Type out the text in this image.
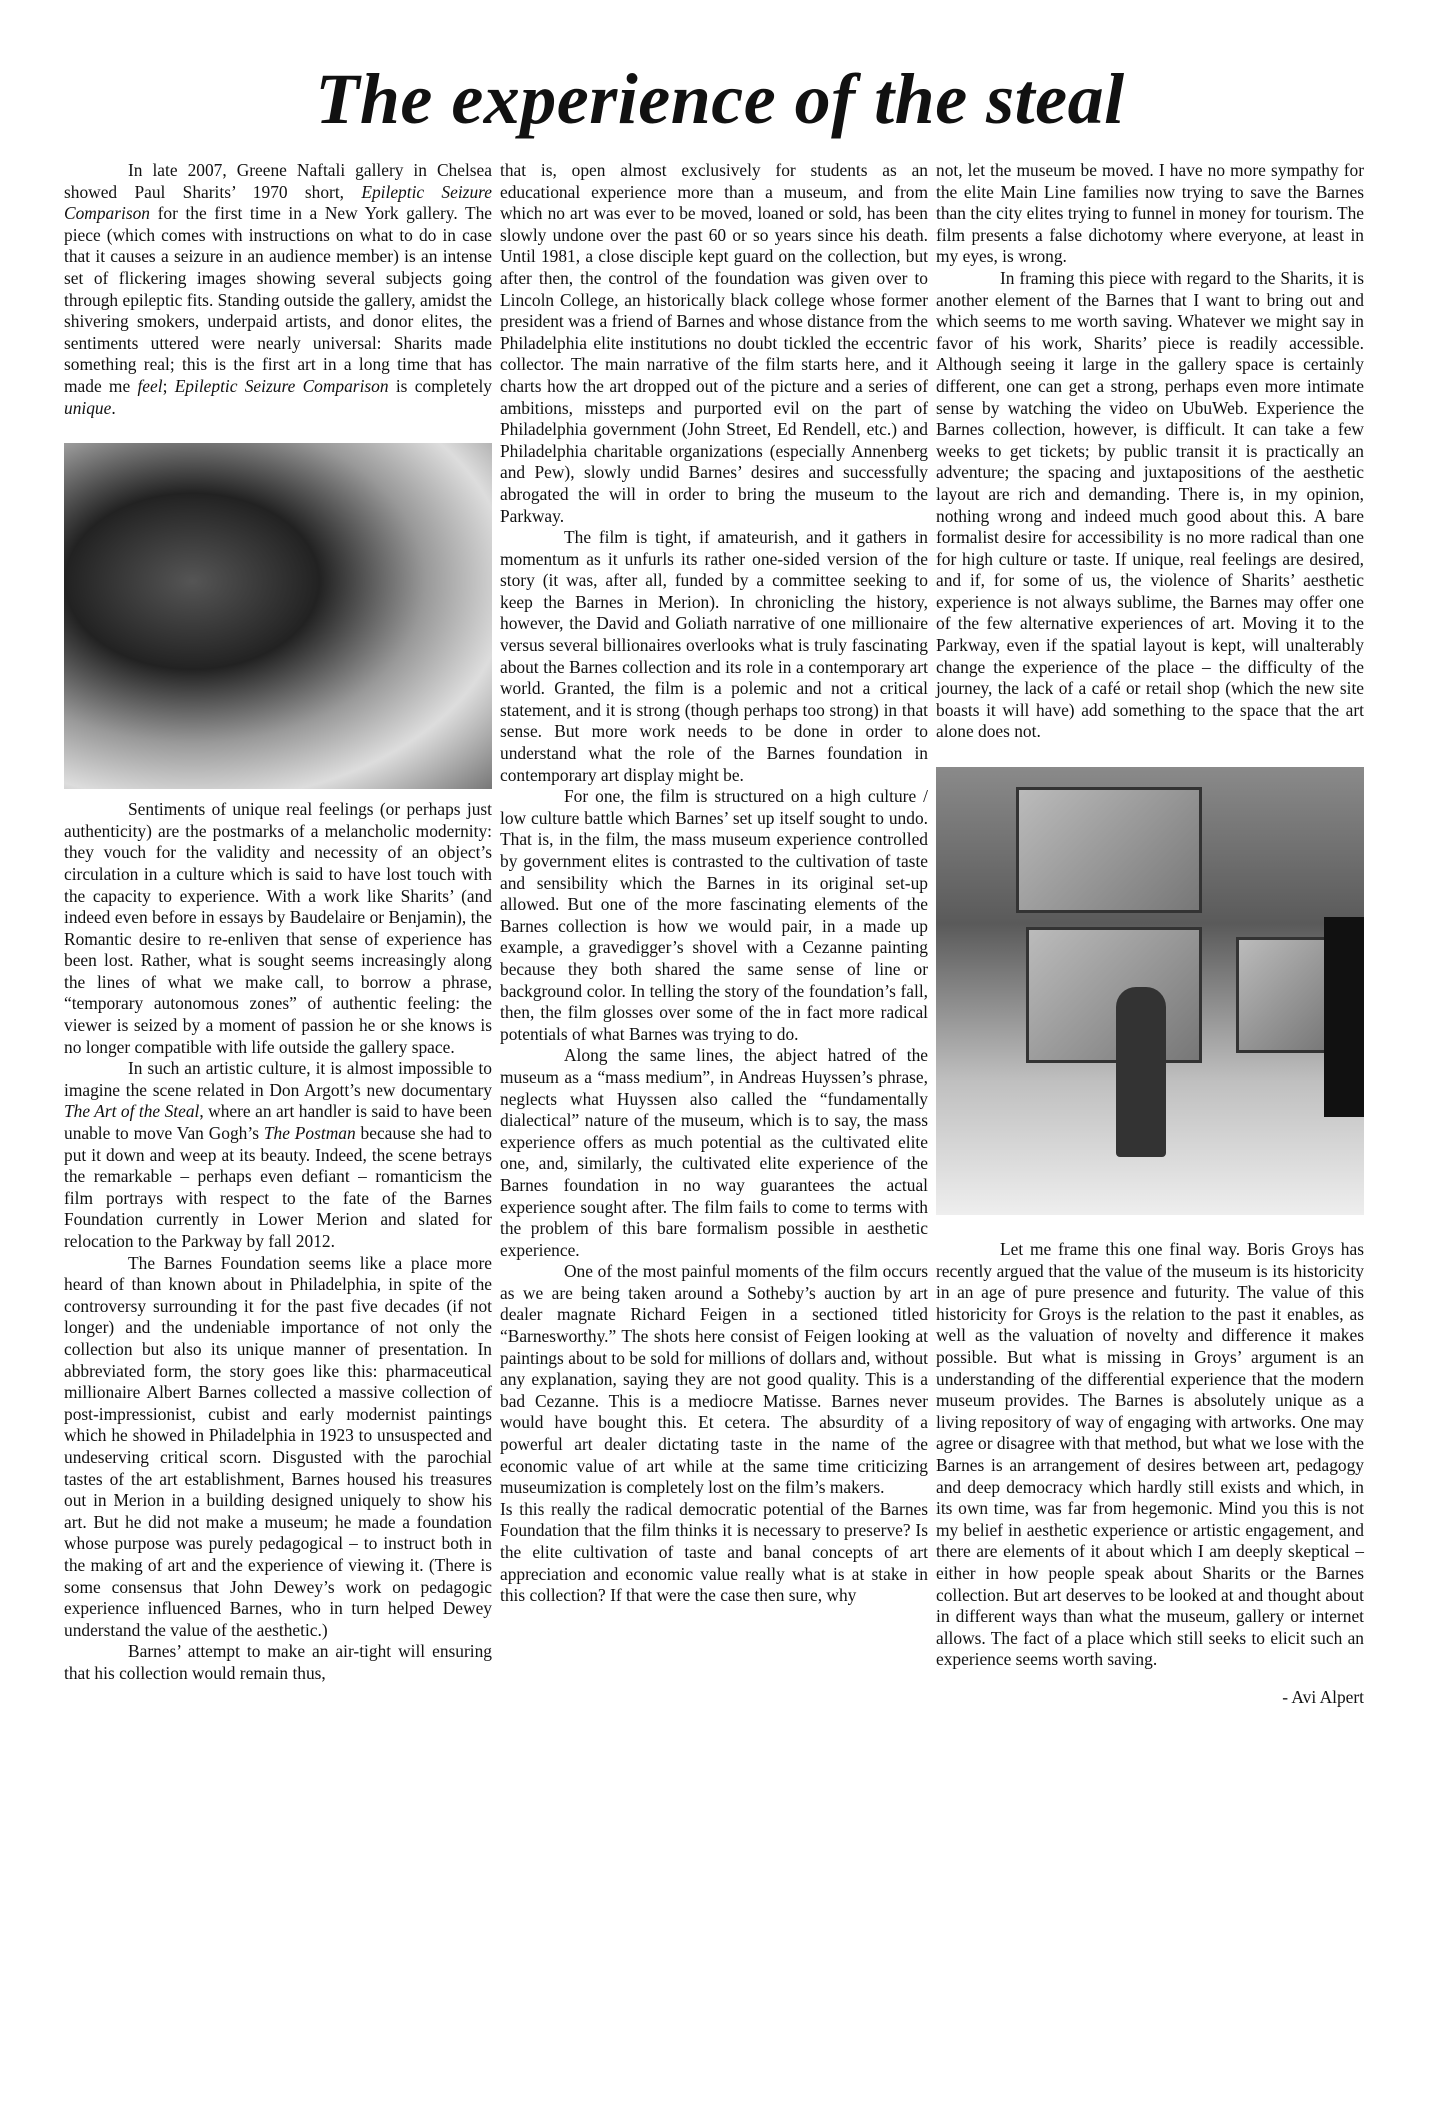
The experience of the steal

In late 2007, Greene Naftali gallery in Chelsea showed Paul Sharits’ 1970 short, Epileptic Seizure Comparison for the first time in a New York gallery. The piece (which comes with instructions on what to do in case that it causes a seizure in an audience member) is an intense set of flickering images showing several subjects going through epileptic fits. Standing outside the gallery, amidst the shivering smokers, underpaid artists, and donor elites, the sentiments uttered were nearly universal: Sharits made something real; this is the first art in a long time that has made me feel; Epileptic Seizure Comparison is completely unique.

Sentiments of unique real feelings (or perhaps just authenticity) are the postmarks of a melancholic modernity: they vouch for the validity and necessity of an object’s circulation in a culture which is said to have lost touch with the capacity to experience. With a work like Sharits’ (and indeed even before in essays by Baudelaire or Benjamin), the Romantic desire to re-enliven that sense of experience has been lost. Rather, what is sought seems increasingly along the lines of what we make call, to borrow a phrase, “temporary autonomous zones” of authentic feeling: the viewer is seized by a moment of passion he or she knows is no longer compatible with life outside the gallery space.

In such an artistic culture, it is almost impossible to imagine the scene related in Don Argott’s new documentary The Art of the Steal, where an art handler is said to have been unable to move Van Gogh’s The Postman because she had to put it down and weep at its beauty. Indeed, the scene betrays the remarkable – perhaps even defiant – romanticism the film portrays with respect to the fate of the Barnes Foundation currently in Lower Merion and slated for relocation to the Parkway by fall 2012.

The Barnes Foundation seems like a place more heard of than known about in Philadelphia, in spite of the controversy surrounding it for the past five decades (if not longer) and the undeniable importance of not only the collection but also its unique manner of presentation. In abbreviated form, the story goes like this: pharmaceutical millionaire Albert Barnes collected a massive collection of post-impressionist, cubist and early modernist paintings which he showed in Philadelphia in 1923 to unsuspected and undeserving critical scorn. Disgusted with the parochial tastes of the art establishment, Barnes housed his treasures out in Merion in a building designed uniquely to show his art. But he did not make a museum; he made a foundation whose purpose was purely pedagogical – to instruct both in the making of art and the experience of viewing it. (There is some consensus that John Dewey’s work on pedagogic experience influenced Barnes, who in turn helped Dewey understand the value of the aesthetic.)

Barnes’ attempt to make an air-tight will ensuring that his collection would remain thus,

that is, open almost exclusively for students as an educational experience more than a museum, and from which no art was ever to be moved, loaned or sold, has been slowly undone over the past 60 or so years since his death. Until 1981, a close disciple kept guard on the collection, but after then, the control of the foundation was given over to Lincoln College, an historically black college whose former president was a friend of Barnes and whose distance from the Philadelphia elite institutions no doubt tickled the eccentric collector. The main narrative of the film starts here, and it charts how the art dropped out of the picture and a series of ambitions, missteps and purported evil on the part of Philadelphia government (John Street, Ed Rendell, etc.) and Philadelphia charitable organizations (especially Annenberg and Pew), slowly undid Barnes’ desires and successfully abrogated the will in order to bring the museum to the Parkway.

The film is tight, if amateurish, and it gathers in momentum as it unfurls its rather one-sided version of the story (it was, after all, funded by a committee seeking to keep the Barnes in Merion). In chronicling the history, however, the David and Goliath narrative of one millionaire versus several billionaires overlooks what is truly fascinating about the Barnes collection and its role in a contemporary art world. Granted, the film is a polemic and not a critical statement, and it is strong (though perhaps too strong) in that sense. But more work needs to be done in order to understand what the role of the Barnes foundation in contemporary art display might be.

For one, the film is structured on a high culture / low culture battle which Barnes’ set up itself sought to undo. That is, in the film, the mass museum experience controlled by government elites is contrasted to the cultivation of taste and sensibility which the Barnes in its original set-up allowed. But one of the more fascinating elements of the Barnes collection is how we would pair, in a made up example, a gravedigger’s shovel with a Cezanne painting because they both shared the same sense of line or background color. In telling the story of the foundation’s fall, then, the film glosses over some of the in fact more radical potentials of what Barnes was trying to do.

Along the same lines, the abject hatred of the museum as a “mass medium”, in Andreas Huyssen’s phrase, neglects what Huyssen also called the “fundamentally dialectical” nature of the museum, which is to say, the mass experience offers as much potential as the cultivated elite one, and, similarly, the cultivated elite experience of the Barnes foundation in no way guarantees the actual experience sought after. The film fails to come to terms with the problem of this bare formalism possible in aesthetic experience.

One of the most painful moments of the film occurs as we are being taken around a Sotheby’s auction by art dealer magnate Richard Feigen in a sectioned titled “Barnesworthy.” The shots here consist of Feigen looking at paintings about to be sold for millions of dollars and, without any explanation, saying they are not good quality. This is a bad Cezanne. This is a mediocre Matisse. Barnes never would have bought this. Et cetera. The absurdity of a powerful art dealer dictating taste in the name of the economic value of art while at the same time criticizing museumization is completely lost on the film’s makers.

Is this really the radical democratic potential of the Barnes Foundation that the film thinks it is necessary to preserve? Is the elite cultivation of taste and banal concepts of art appreciation and economic value really what is at stake in this collection? If that were the case then sure, why

not, let the museum be moved. I have no more sympathy for the elite Main Line families now trying to save the Barnes than the city elites trying to funnel in money for tourism. The film presents a false dichotomy where everyone, at least in my eyes, is wrong.

In framing this piece with regard to the Sharits, it is another element of the Barnes that I want to bring out and which seems to me worth saving. Whatever we might say in favor of his work, Sharits’ piece is readily accessible. Although seeing it large in the gallery space is certainly different, one can get a strong, perhaps even more intimate sense by watching the video on UbuWeb. Experience the Barnes collection, however, is difficult. It can take a few weeks to get tickets; by public transit it is practically an adventure; the spacing and juxtapositions of the aesthetic layout are rich and demanding. There is, in my opinion, nothing wrong and indeed much good about this. A bare formalist desire for accessibility is no more radical than one for high culture or taste. If unique, real feelings are desired, and if, for some of us, the violence of Sharits’ aesthetic experience is not always sublime, the Barnes may offer one of the few alternative experiences of art. Moving it to the Parkway, even if the spatial layout is kept, will unalterably change the experience of the place – the difficulty of the journey, the lack of a café or retail shop (which the new site boasts it will have) add something to the space that the art alone does not.

Let me frame this one final way. Boris Groys has recently argued that the value of the museum is its historicity in an age of pure presence and futurity. The value of this historicity for Groys is the relation to the past it enables, as well as the valuation of novelty and difference it makes possible. But what is missing in Groys’ argument is an understanding of the differential experience that the modern museum provides. The Barnes is absolutely unique as a living repository of way of engaging with artworks. One may agree or disagree with that method, but what we lose with the Barnes is an arrangement of desires between art, pedagogy and deep democracy which hardly still exists and which, in its own time, was far from hegemonic. Mind you this is not my belief in aesthetic experience or artistic engagement, and there are elements of it about which I am deeply skeptical – either in how people speak about Sharits or the Barnes collection. But art deserves to be looked at and thought about in different ways than what the museum, gallery or internet allows. The fact of a place which still seeks to elicit such an experience seems worth saving.

- Avi Alpert
